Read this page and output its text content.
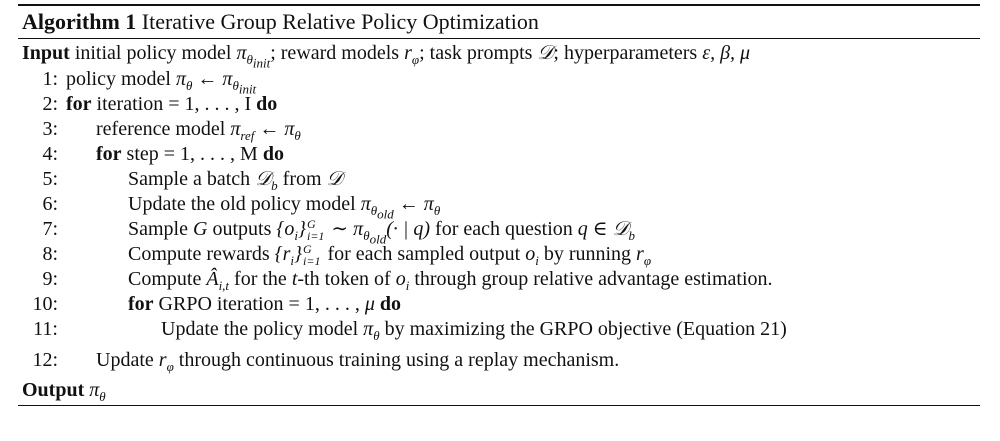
Algorithm 1 Iterative Group Relative Policy Optimization
Input initial policy model $\pi_{\theta_{init}}$; reward models $r_\varphi$; task prompts 𝒟; hyperparameters ε, β, μ
1: policy model $\pi_\theta$ ← $\pi_{\theta_{init}}$
2: for iteration = 1, . . . , I do
3: reference model $\pi_{ref}$ ← $\pi_\theta$
4: for step = 1, . . . , M do
5:	Sample a batch 𝒟$_b$ from 𝒟
6:	Update the old policy model $\pi_{\theta_{old}}$ ← $\pi_\theta$
7:	Sample G outputs $\{o_i\}$ G
i=1 ∼ $\pi_{\theta_{old}}(\cdot$ | q) for each question q ∈ 𝒟$_b$
8:	Compute rewards $\{r_i\}$ G
i=1 for each sampled output $o_i$ by running $r_\varphi$
9:	Compute $Â_{i,t}$ for the t-th token of $o_i$ through group relative advantage estimation.
10:	for GRPO iteration = 1, . . . , μ do
11:	Update the policy model $\pi_\theta$ by maximizing the GRPO objective (Equation 21)
12: Update $r_\varphi$ through continuous training using a replay mechanism.
Output $\pi_\theta$
